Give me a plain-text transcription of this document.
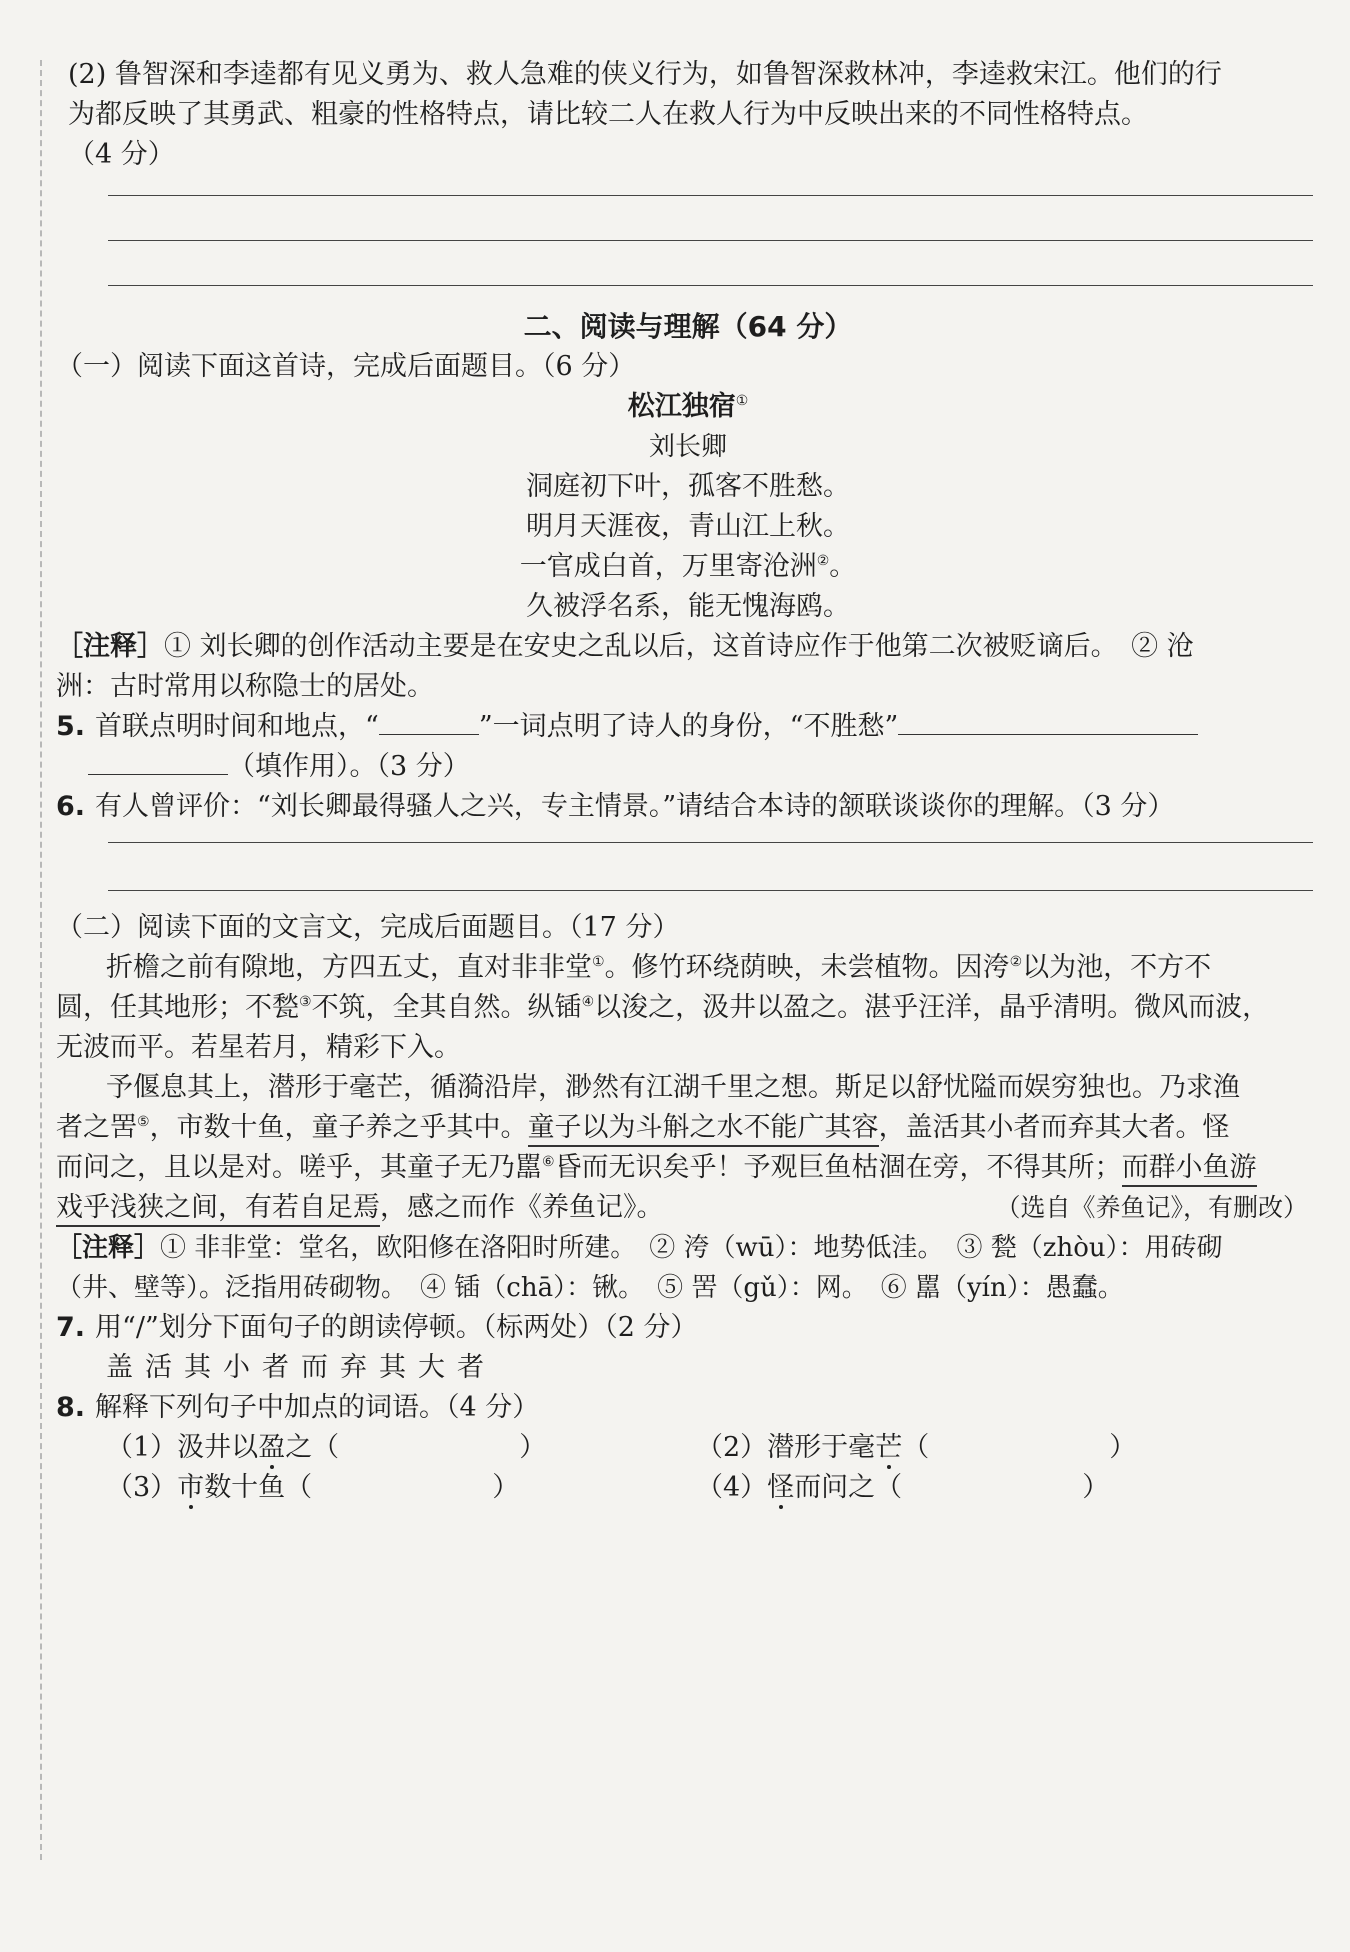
(2) 鲁智深和李逵都有见义勇为、救人急难的侠义行为，如鲁智深救林冲，李逵救宋江。他们的行
为都反映了其勇武、粗豪的性格特点，请比较二人在救人行为中反映出来的不同性格特点。
（4 分）
二、阅读与理解（64 分）
（一）阅读下面这首诗，完成后面题目。（6 分）
松江独宿①
刘长卿
洞庭初下叶，孤客不胜愁。
明月天涯夜，青山江上秋。
一官成白首，万里寄沧洲②。
久被浮名系，能无愧海鸥。
［注释］① 刘长卿的创作活动主要是在安史之乱以后，这首诗应作于他第二次被贬谪后。　② 沧
洲：古时常用以称隐士的居处。
5. 首联点明时间和地点，“	”一词点明了诗人的身份，“不胜愁”
（填作用）。（3 分）
6. 有人曾评价：“刘长卿最得骚人之兴，专主情景。”请结合本诗的颔联谈谈你的理解。（3 分）
（二）阅读下面的文言文，完成后面题目。（17 分）
折檐之前有隙地，方四五丈，直对非非堂①。修竹环绕荫映，未尝植物。因洿②以为池，不方不
圆，任其地形；不甃③不筑，全其自然。纵锸④以浚之，汲井以盈之。湛乎汪洋，晶乎清明。微风而波，
无波而平。若星若月，精彩下入。
予偃息其上，潜形于毫芒，循漪沿岸，渺然有江湖千里之想。斯足以舒忧隘而娱穷独也。乃求渔
者之罟⑤，市数十鱼，童子养之乎其中。童子以为斗斛之水不能广其容，盖活其小者而弃其大者。怪
而问之，且以是对。嗟乎，其童子无乃嚚⑥昏而无识矣乎！予观巨鱼枯涸在旁，不得其所；而群小鱼游
戏乎浅狭之间，有若自足焉，感之而作《养鱼记》。	（选自《养鱼记》，有删改）
［注释］① 非非堂：堂名，欧阳修在洛阳时所建。　② 洿（wū）：地势低洼。　③ 甃（zhòu）：用砖砌
（井、壁等）。泛指用砖砌物。　④ 锸（chā）：锹。　⑤ 罟（gǔ）：网。　⑥ 嚚（yín）：愚蠢。
7. 用“/”划分下面句子的朗读停顿。（标两处）（2 分）
盖活其小者而弃其大者
8. 解释下列句子中加点的词语。（4 分）
（1）汲井以盈之（	）	（2）潜形于毫芒（	）
（3）市数十鱼（	）	（4）怪而问之（	）
